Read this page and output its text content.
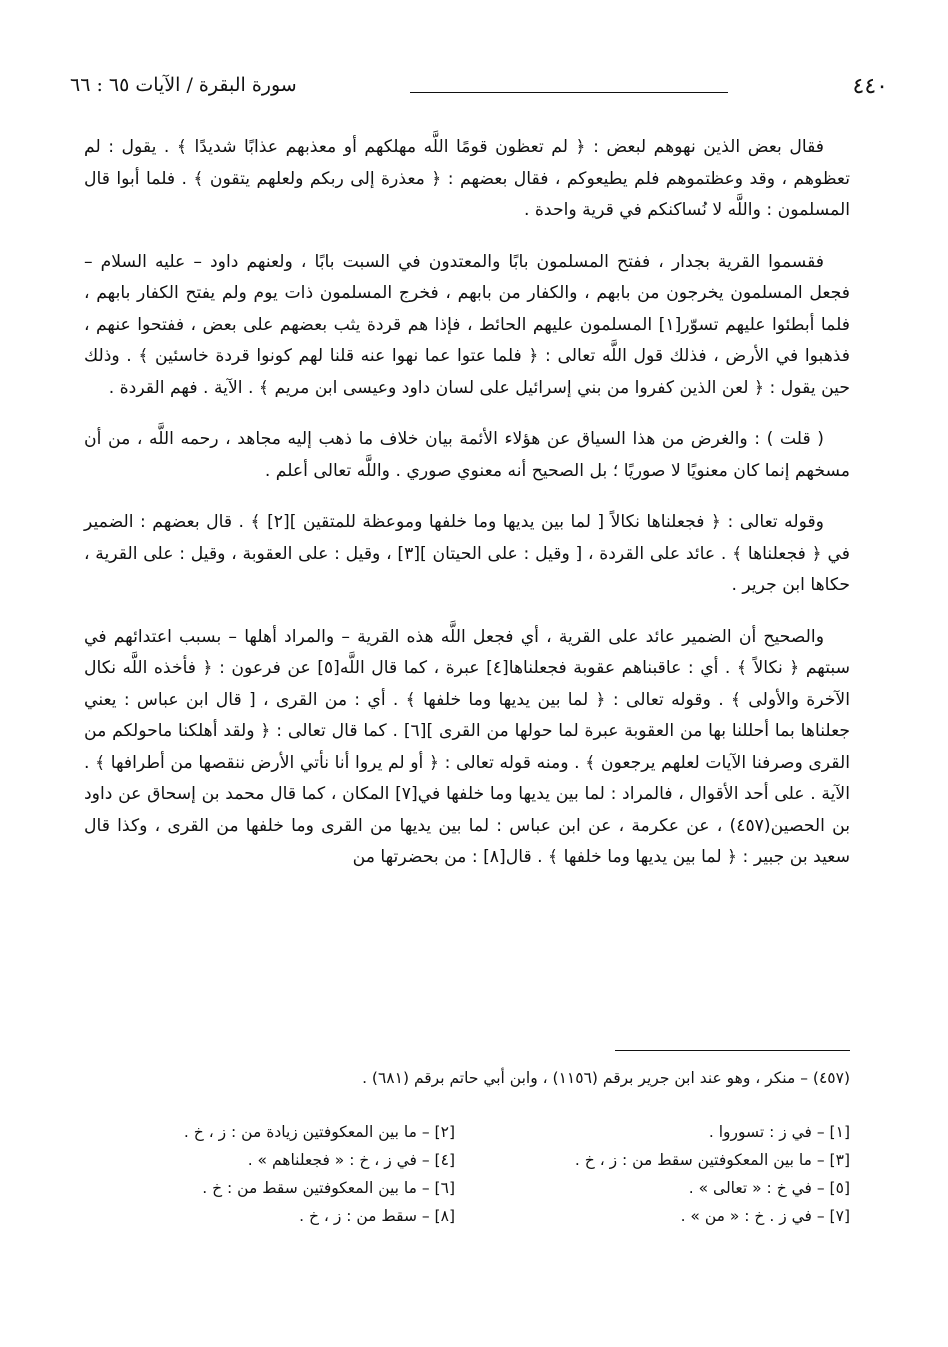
٤٤٠
سورة البقرة / الآيات ٦٥ : ٦٦

فقال بعض الذين نهوهم لبعض : ﴿ لم تعظون قومًا اللَّه مهلكهم أو معذبهم عذابًا شديدًا ﴾ . يقول : لم تعظوهم ، وقد وعظتموهم فلم يطيعوكم ، فقال بعضهم : ﴿ معذرة إلى ربكم ولعلهم يتقون ﴾ . فلما أبوا قال المسلمون : واللَّه لا نُساكنكم في قرية واحدة .

فقسموا القرية بجدار ، ففتح المسلمون بابًا والمعتدون في السبت بابًا ، ولعنهم داود – عليه السلام – فجعل المسلمون يخرجون من بابهم ، والكفار من بابهم ، فخرج المسلمون ذات يوم ولم يفتح الكفار بابهم ، فلما أبطئوا عليهم تسوّر[١] المسلمون عليهم الحائط ، فإذا هم قردة يثب بعضهم على بعض ، ففتحوا عنهم ، فذهبوا في الأرض ، فذلك قول اللَّه تعالى : ﴿ فلما عتوا عما نهوا عنه قلنا لهم كونوا قردة خاسئين ﴾ . وذلك حين يقول : ﴿ لعن الذين كفروا من بني إسرائيل على لسان داود وعيسى ابن مريم ﴾ . الآية . فهم القردة .

( قلت ) : والغرض من هذا السياق عن هؤلاء الأئمة بيان خلاف ما ذهب إليه مجاهد ، رحمه اللَّه ، من أن مسخهم إنما كان معنويًا لا صوريًا ؛ بل الصحيح أنه معنوي صوري . واللَّه تعالى أعلم .

وقوله تعالى : ﴿ فجعلناها نكالاً [ لما بين يديها وما خلفها وموعظة للمتقين ][٢] ﴾ . قال بعضهم : الضمير في ﴿ فجعلناها ﴾ . عائد على القردة ، [ وقيل : على الحيتان ][٣] ، وقيل : على العقوبة ، وقيل : على القرية ، حكاها ابن جرير .

والصحيح أن الضمير عائد على القرية ، أي فجعل اللَّه هذه القرية – والمراد أهلها – بسبب اعتدائهم في سبتهم ﴿ نكالاً ﴾ . أي : عاقبناهم عقوبة فجعلناها[٤] عبرة ، كما قال اللَّه[٥] عن فرعون : ﴿ فأخذه اللَّه نكال الآخرة والأولى ﴾ . وقوله تعالى : ﴿ لما بين يديها وما خلفها ﴾ . أي : من القرى ، [ قال ابن عباس : يعني جعلناها بما أحللنا بها من العقوبة عبرة لما حولها من القرى ][٦] . كما قال تعالى : ﴿ ولقد أهلكنا ماحولكم من القرى وصرفنا الآيات لعلهم يرجعون ﴾ . ومنه قوله تعالى : ﴿ أو لم يروا أنا نأتي الأرض ننقصها من أطرافها ﴾ . الآية . على أحد الأقوال ، فالمراد : لما بين يديها وما خلفها في[٧] المكان ، كما قال محمد بن إسحاق عن داود بن الحصين(٤٥٧) ، عن عكرمة ، عن ابن عباس : لما بين يديها من القرى وما خلفها من القرى ، وكذا قال سعيد بن جبير : ﴿ لما بين يديها وما خلفها ﴾ . قال[٨] : من بحضرتها من

(٤٥٧) – منكر ، وهو عند ابن جرير برقم (١١٥٦) ، وابن أبي حاتم برقم (٦٨١) .
[١] – في ز : تسوروا .
[٢] – ما بين المعكوفتين زيادة من : ز ، خ .
[٣] – ما بين المعكوفتين سقط من : ز ، خ .
[٤] – في ز ، خ : « فجعلناهم » .
[٥] – في خ : « تعالى » .
[٦] – ما بين المعكوفتين سقط من : خ .
[٧] – في ز . خ : « من » .
[٨] – سقط من : ز ، خ .
